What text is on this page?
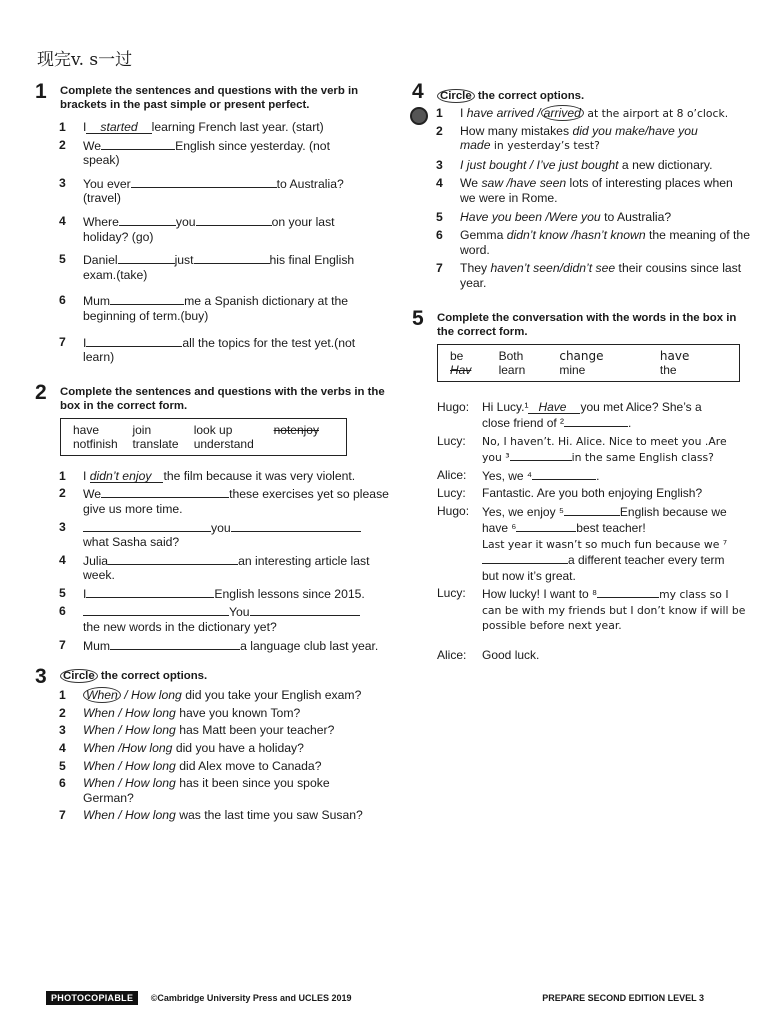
现完v. s一过
1 Complete the sentences and questions with the verb in brackets in the past simple or present perfect.
1 I started learning French last year. (start)
2 We	English since yesterday. (not speak)
3 You ever	to Australia? (travel)
4 Where	you	on your last holiday? (go)
5 Daniel	just	his final English exam.(take)
6 Mum	me a Spanish dictionary at the beginning of term.(buy)
7 I	all the topics for the test yet.(not learn)
2 Complete the sentences and questions with the verbs in the box in the correct form.
have	join	look up	notenjoy
notfinish	translate	understand	
1 I didn’t enjoy the film because it was very violent.
2 We	these exercises yet so please give us more time.
3	you
what Sasha said?
4 Julia	an interesting article last week.
5 I	English lessons since 2015.
6	You
the new words in the dictionary yet?
7 Mum	a language club last year.
3 Circle the correct options.
1 When / How long did you take your English exam?
2 When / How long have you known Tom?
3 When / How long has Matt been your teacher?
4 When /How long did you have a holiday?
5 When / How long did Alex move to Canada?
6 When / How long has it been since you spoke German?
7 When / How long was the last time you saw Susan?
4 Circle the correct options.
1 I have arrived / arrived at the airport at 8 o’clock.
2 How many mistakes did you make/have you made in yesterday’s test?
3 I just bought / I’ve just bought a new dictionary.
4 We saw /have seen lots of interesting places when we were in Rome.
5 Have you been /Were you to Australia?
6 Gemma didn’t know /hasn’t known the meaning of the word.
7 They haven’t seen/didn’t see their cousins since last year.
5 Complete the conversation with the words in the box in the correct form.
be	Both	change	have
Hav	learn	mine	the
Hugo: Hi Lucy.¹ Have you met Alice? She’s a close friend of ²	.
Lucy: No, I haven’t. Hi. Alice. Nice to meet you .Are you ³	in the same English class?
Alice: Yes, we ⁴	.
Lucy: Fantastic. Are you both enjoying English?
Hugo: Yes, we enjoy ⁵	English because we have ⁶	best teacher!
Last year it wasn’t so much fun because we ⁷a different teacher every term but now it’s great.
Lucy: How lucky! I want to ⁸	my class so I can be with my friends but I don’t know if will be possible before next year.
Alice: Good luck.
PHOTOCOPIABLE ©Cambridge University Press and UCLES 2019	PREPARE SECOND EDITION LEVEL 3
